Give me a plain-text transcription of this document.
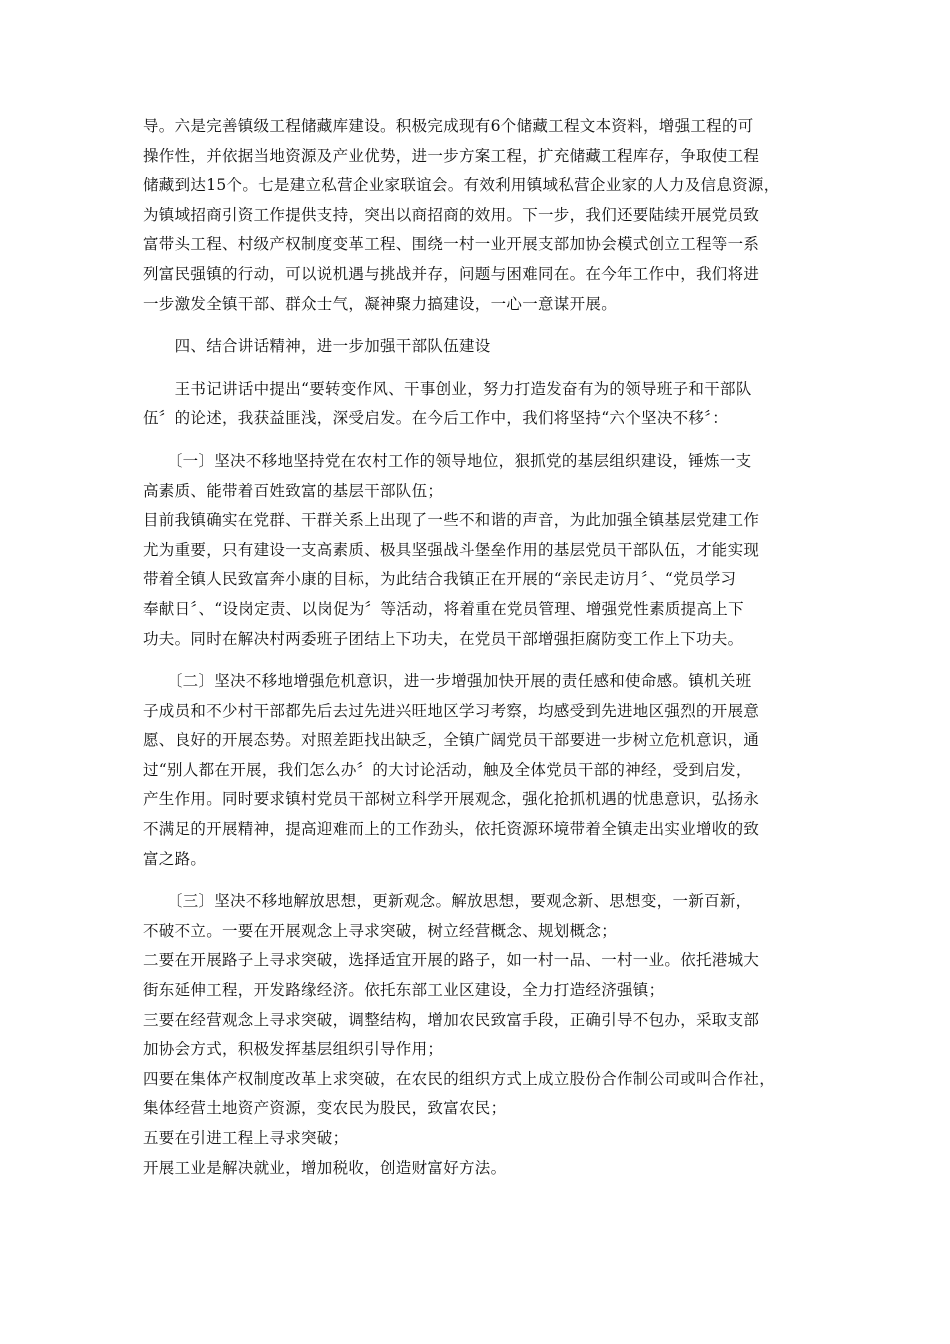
导。六是完善镇级工程储藏库建设。积极完成现有6个储藏工程文本资料，增强工程的可
操作性，并依据当地资源及产业优势，进一步方案工程，扩充储藏工程库存，争取使工程
储藏到达15个。七是建立私营企业家联谊会。有效利用镇域私营企业家的人力及信息资源，
为镇域招商引资工作提供支持，突出以商招商的效用。下一步，我们还要陆续开展党员致
富带头工程、村级产权制度变革工程、围绕一村一业开展支部加协会模式创立工程等一系
列富民强镇的行动，可以说机遇与挑战并存，问题与困难同在。在今年工作中，我们将进
一步激发全镇干部、群众士气，凝神聚力搞建设，一心一意谋开展。
　　四、结合讲话精神，进一步加强干部队伍建设
　　王书记讲话中提出“要转变作风、干事创业，努力打造发奋有为的领导班子和干部队
伍〞的论述，我获益匪浅，深受启发。在今后工作中，我们将坚持“六个坚决不移〞：
　　〔一〕坚决不移地坚持党在农村工作的领导地位，狠抓党的基层组织建设，锤炼一支
高素质、能带着百姓致富的基层干部队伍；
目前我镇确实在党群、干群关系上出现了一些不和谐的声音，为此加强全镇基层党建工作
尤为重要，只有建设一支高素质、极具坚强战斗堡垒作用的基层党员干部队伍，才能实现
带着全镇人民致富奔小康的目标，为此结合我镇正在开展的“亲民走访月〞、“党员学习
奉献日〞、“设岗定责、以岗促为〞等活动，将着重在党员管理、增强党性素质提高上下
功夫。同时在解决村两委班子团结上下功夫，在党员干部增强拒腐防变工作上下功夫。
　　〔二〕坚决不移地增强危机意识，进一步增强加快开展的责任感和使命感。镇机关班
子成员和不少村干部都先后去过先进兴旺地区学习考察，均感受到先进地区强烈的开展意
愿、良好的开展态势。对照差距找出缺乏，全镇广阔党员干部要进一步树立危机意识，通
过“别人都在开展，我们怎么办〞的大讨论活动，触及全体党员干部的神经，受到启发，
产生作用。同时要求镇村党员干部树立科学开展观念，强化抢抓机遇的忧患意识，弘扬永
不满足的开展精神，提高迎难而上的工作劲头，依托资源环境带着全镇走出实业增收的致
富之路。
　　〔三〕坚决不移地解放思想，更新观念。解放思想，要观念新、思想变，一新百新，
不破不立。一要在开展观念上寻求突破，树立经营概念、规划概念；
二要在开展路子上寻求突破，选择适宜开展的路子，如一村一品、一村一业。依托港城大
街东延伸工程，开发路缘经济。依托东部工业区建设，全力打造经济强镇；
三要在经营观念上寻求突破，调整结构，增加农民致富手段，正确引导不包办，采取支部
加协会方式，积极发挥基层组织引导作用；
四要在集体产权制度改革上求突破，在农民的组织方式上成立股份合作制公司或叫合作社，
集体经营土地资产资源，变农民为股民，致富农民；
五要在引进工程上寻求突破；
开展工业是解决就业，增加税收，创造财富好方法。
